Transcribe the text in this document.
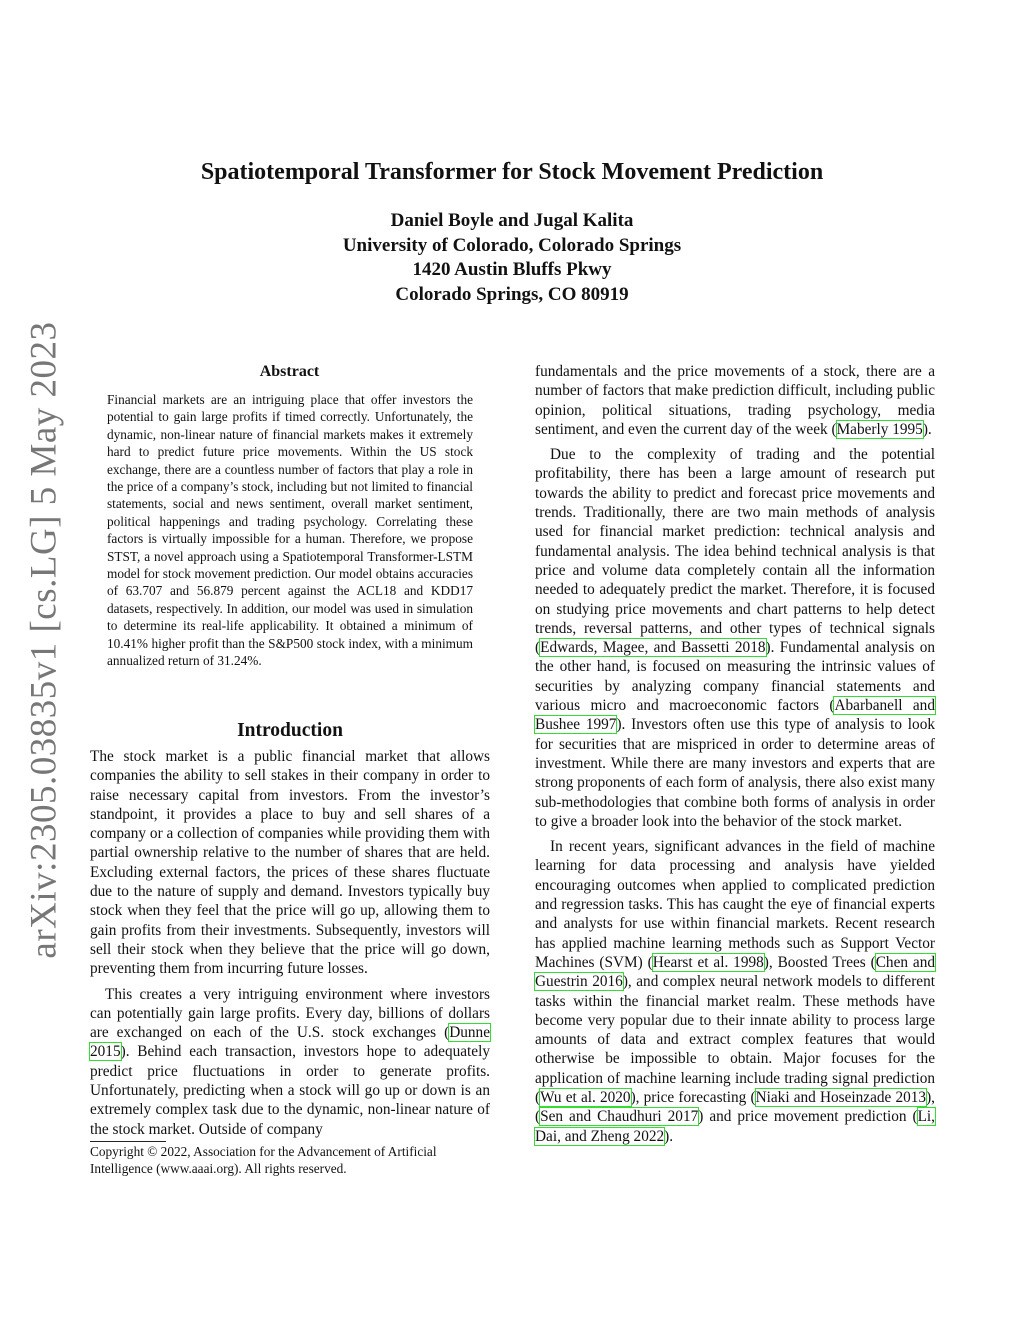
arXiv:2305.03835v1 [cs.LG] 5 May 2023
Spatiotemporal Transformer for Stock Movement Prediction
Daniel Boyle and Jugal Kalita
University of Colorado, Colorado Springs
1420 Austin Bluffs Pkwy
Colorado Springs, CO 80919
Abstract
Financial markets are an intriguing place that offer investors the potential to gain large profits if timed correctly. Unfortunately, the dynamic, non-linear nature of financial markets makes it extremely hard to predict future price movements. Within the US stock exchange, there are a countless number of factors that play a role in the price of a company’s stock, including but not limited to financial statements, social and news sentiment, overall market sentiment, political happenings and trading psychology. Correlating these factors is virtually impossible for a human. Therefore, we propose STST, a novel approach using a Spatiotemporal Transformer-LSTM model for stock movement prediction. Our model obtains accuracies of 63.707 and 56.879 percent against the ACL18 and KDD17 datasets, respectively. In addition, our model was used in simulation to determine its real-life applicability. It obtained a minimum of 10.41% higher profit than the S&P500 stock index, with a minimum annualized return of 31.24%.
Introduction

The stock market is a public financial market that allows companies the ability to sell stakes in their company in order to raise necessary capital from investors. From the investor’s standpoint, it provides a place to buy and sell shares of a company or a collection of companies while providing them with partial ownership relative to the number of shares that are held. Excluding external factors, the prices of these shares fluctuate due to the nature of supply and demand. Investors typically buy stock when they feel that the price will go up, allowing them to gain profits from their investments. Subsequently, investors will sell their stock when they believe that the price will go down, preventing them from incurring future losses.

This creates a very intriguing environment where investors can potentially gain large profits. Every day, billions of dollars are exchanged on each of the U.S. stock exchanges (Dunne 2015). Behind each transaction, investors hope to adequately predict price fluctuations in order to generate profits. Unfortunately, predicting when a stock will go up or down is an extremely complex task due to the dynamic, non-linear nature of the stock market. Outside of company

Copyright © 2022, Association for the Advancement of Artificial Intelligence (www.aaai.org). All rights reserved.

fundamentals and the price movements of a stock, there are a number of factors that make prediction difficult, including public opinion, political situations, trading psychology, media sentiment, and even the current day of the week (Maberly 1995).

Due to the complexity of trading and the potential profitability, there has been a large amount of research put towards the ability to predict and forecast price movements and trends. Traditionally, there are two main methods of analysis used for financial market prediction: technical analysis and fundamental analysis. The idea behind technical analysis is that price and volume data completely contain all the information needed to adequately predict the market. Therefore, it is focused on studying price movements and chart patterns to help detect trends, reversal patterns, and other types of technical signals (Edwards, Magee, and Bassetti 2018). Fundamental analysis on the other hand, is focused on measuring the intrinsic values of securities by analyzing company financial statements and various micro and macroeconomic factors (Abarbanell and Bushee 1997). Investors often use this type of analysis to look for securities that are mispriced in order to determine areas of investment. While there are many investors and experts that are strong proponents of each form of analysis, there also exist many sub-methodologies that combine both forms of analysis in order to give a broader look into the behavior of the stock market.

In recent years, significant advances in the field of machine learning for data processing and analysis have yielded encouraging outcomes when applied to complicated prediction and regression tasks. This has caught the eye of financial experts and analysts for use within financial markets. Recent research has applied machine learning methods such as Support Vector Machines (SVM) (Hearst et al. 1998), Boosted Trees (Chen and Guestrin 2016), and complex neural network models to different tasks within the financial market realm. These methods have become very popular due to their innate ability to process large amounts of data and extract complex features that would otherwise be impossible to obtain. Major focuses for the application of machine learning include trading signal prediction (Wu et al. 2020), price forecasting (Niaki and Hoseinzade 2013), (Sen and Chaudhuri 2017) and price movement prediction (Li, Dai, and Zheng 2022).
